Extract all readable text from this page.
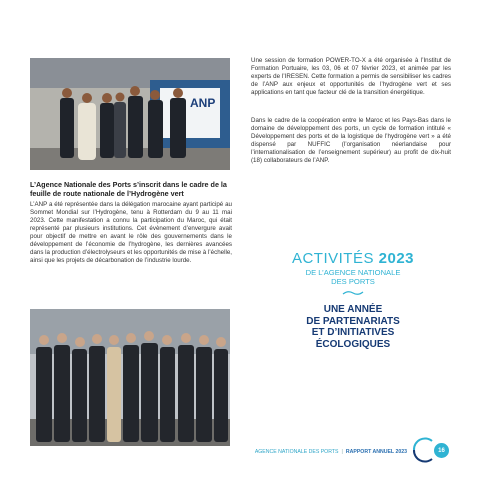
ANP
L’Agence Nationale des Ports s’inscrit dans le cadre de la feuille de route nationale de l’Hydrogène vert
L’ANP a été représentée dans la délégation marocaine ayant participé au Sommet Mondial sur l’Hydrogène, tenu à Rotterdam du 9 au 11 mai 2023. Cette manifestation a connu la participation du Maroc, qui était représenté par plusieurs institutions. Cet évènement d’envergure avait pour objectif de mettre en avant le rôle des gouvernements dans le développement de l’économie de l’hydrogène, les dernières avancées dans la production d’électrolyseurs et les opportunités de mise à l’échelle, ainsi que les projets de décarbonation de l’industrie lourde.
Une session de formation POWER-TO-X a été organisée à l’Institut de Formation Portuaire, les 03, 06 et 07 février 2023, et animée par les experts de l’IRESEN. Cette formation a permis de sensibiliser les cadres de l’ANP aux enjeux et opportunités de l’hydrogène vert et ses applications en tant que facteur clé de la transition énergétique.
Dans le cadre de la coopération entre le Maroc et les Pays-Bas dans le domaine de développement des ports, un cycle de formation intitulé « Développement des ports et de la logistique de l’hydrogène vert » a été dispensé par NUFFIC (l’organisation néerlandaise pour l’internationalisation de l’enseignement supérieur) au profit de dix-huit (18) collaborateurs de l’ANP.
ACTIVITÉS 2023
DE L’AGENCE NATIONALE
DES PORTS
UNE ANNÉE
DE PARTENARIATS
ET D’INITIATIVES
ÉCOLOGIQUES
AGENCE NATIONALE DES PORTS | RAPPORT ANNUEL 2023	16
